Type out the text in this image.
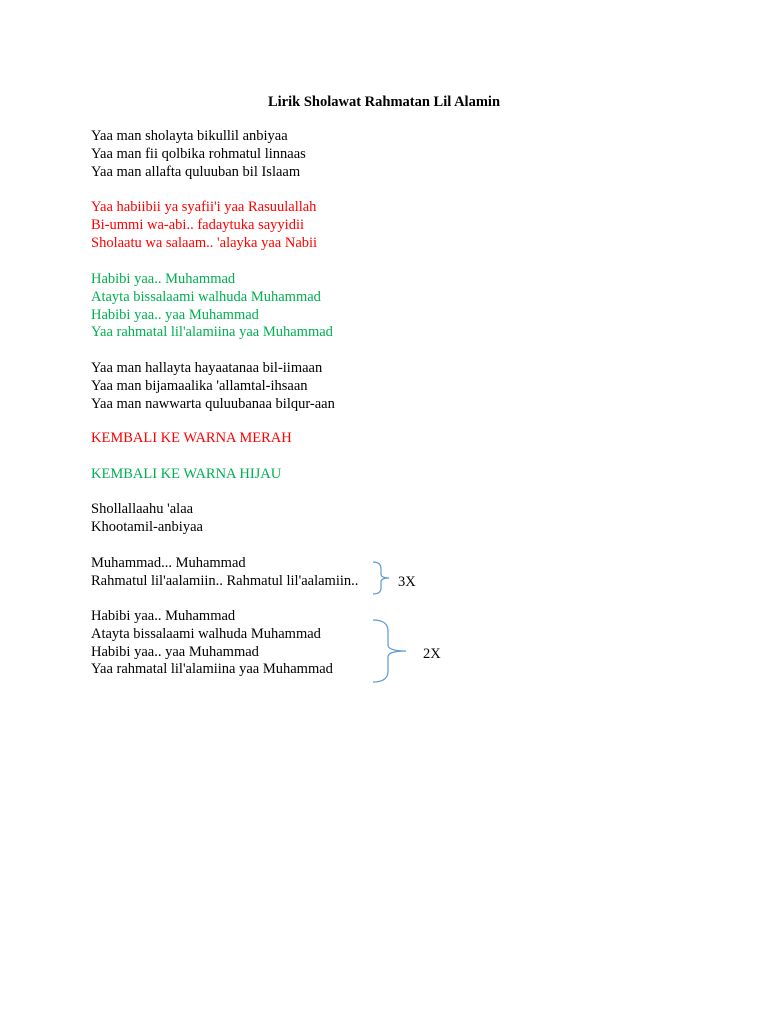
Lirik Sholawat Rahmatan Lil Alamin
Yaa man sholayta bikullil anbiyaa
Yaa man fii qolbika rohmatul linnaas
Yaa man allafta quluuban bil Islaam
Yaa habiibii ya syafii'i yaa Rasuulallah
Bi-ummi wa-abi.. fadaytuka sayyidii
Sholaatu wa salaam.. 'alayka yaa Nabii
Habibi yaa.. Muhammad
Atayta bissalaami walhuda Muhammad
Habibi yaa.. yaa Muhammad
Yaa rahmatal lil'alamiina yaa Muhammad
Yaa man hallayta hayaatanaa bil-iimaan
Yaa man bijamaalika 'allamtal-ihsaan
Yaa man nawwarta quluubanaa bilqur-aan
KEMBALI KE WARNA MERAH
KEMBALI KE WARNA HIJAU
Shollallaahu 'alaa
Khootamil-anbiyaa
Muhammad... Muhammad
Rahmatul lil'aalamiin.. Rahmatul lil'aalamiin..	3X
Habibi yaa.. Muhammad
Atayta bissalaami walhuda Muhammad
Habibi yaa.. yaa Muhammad
Yaa rahmatal lil'alamiina yaa Muhammad
2X
